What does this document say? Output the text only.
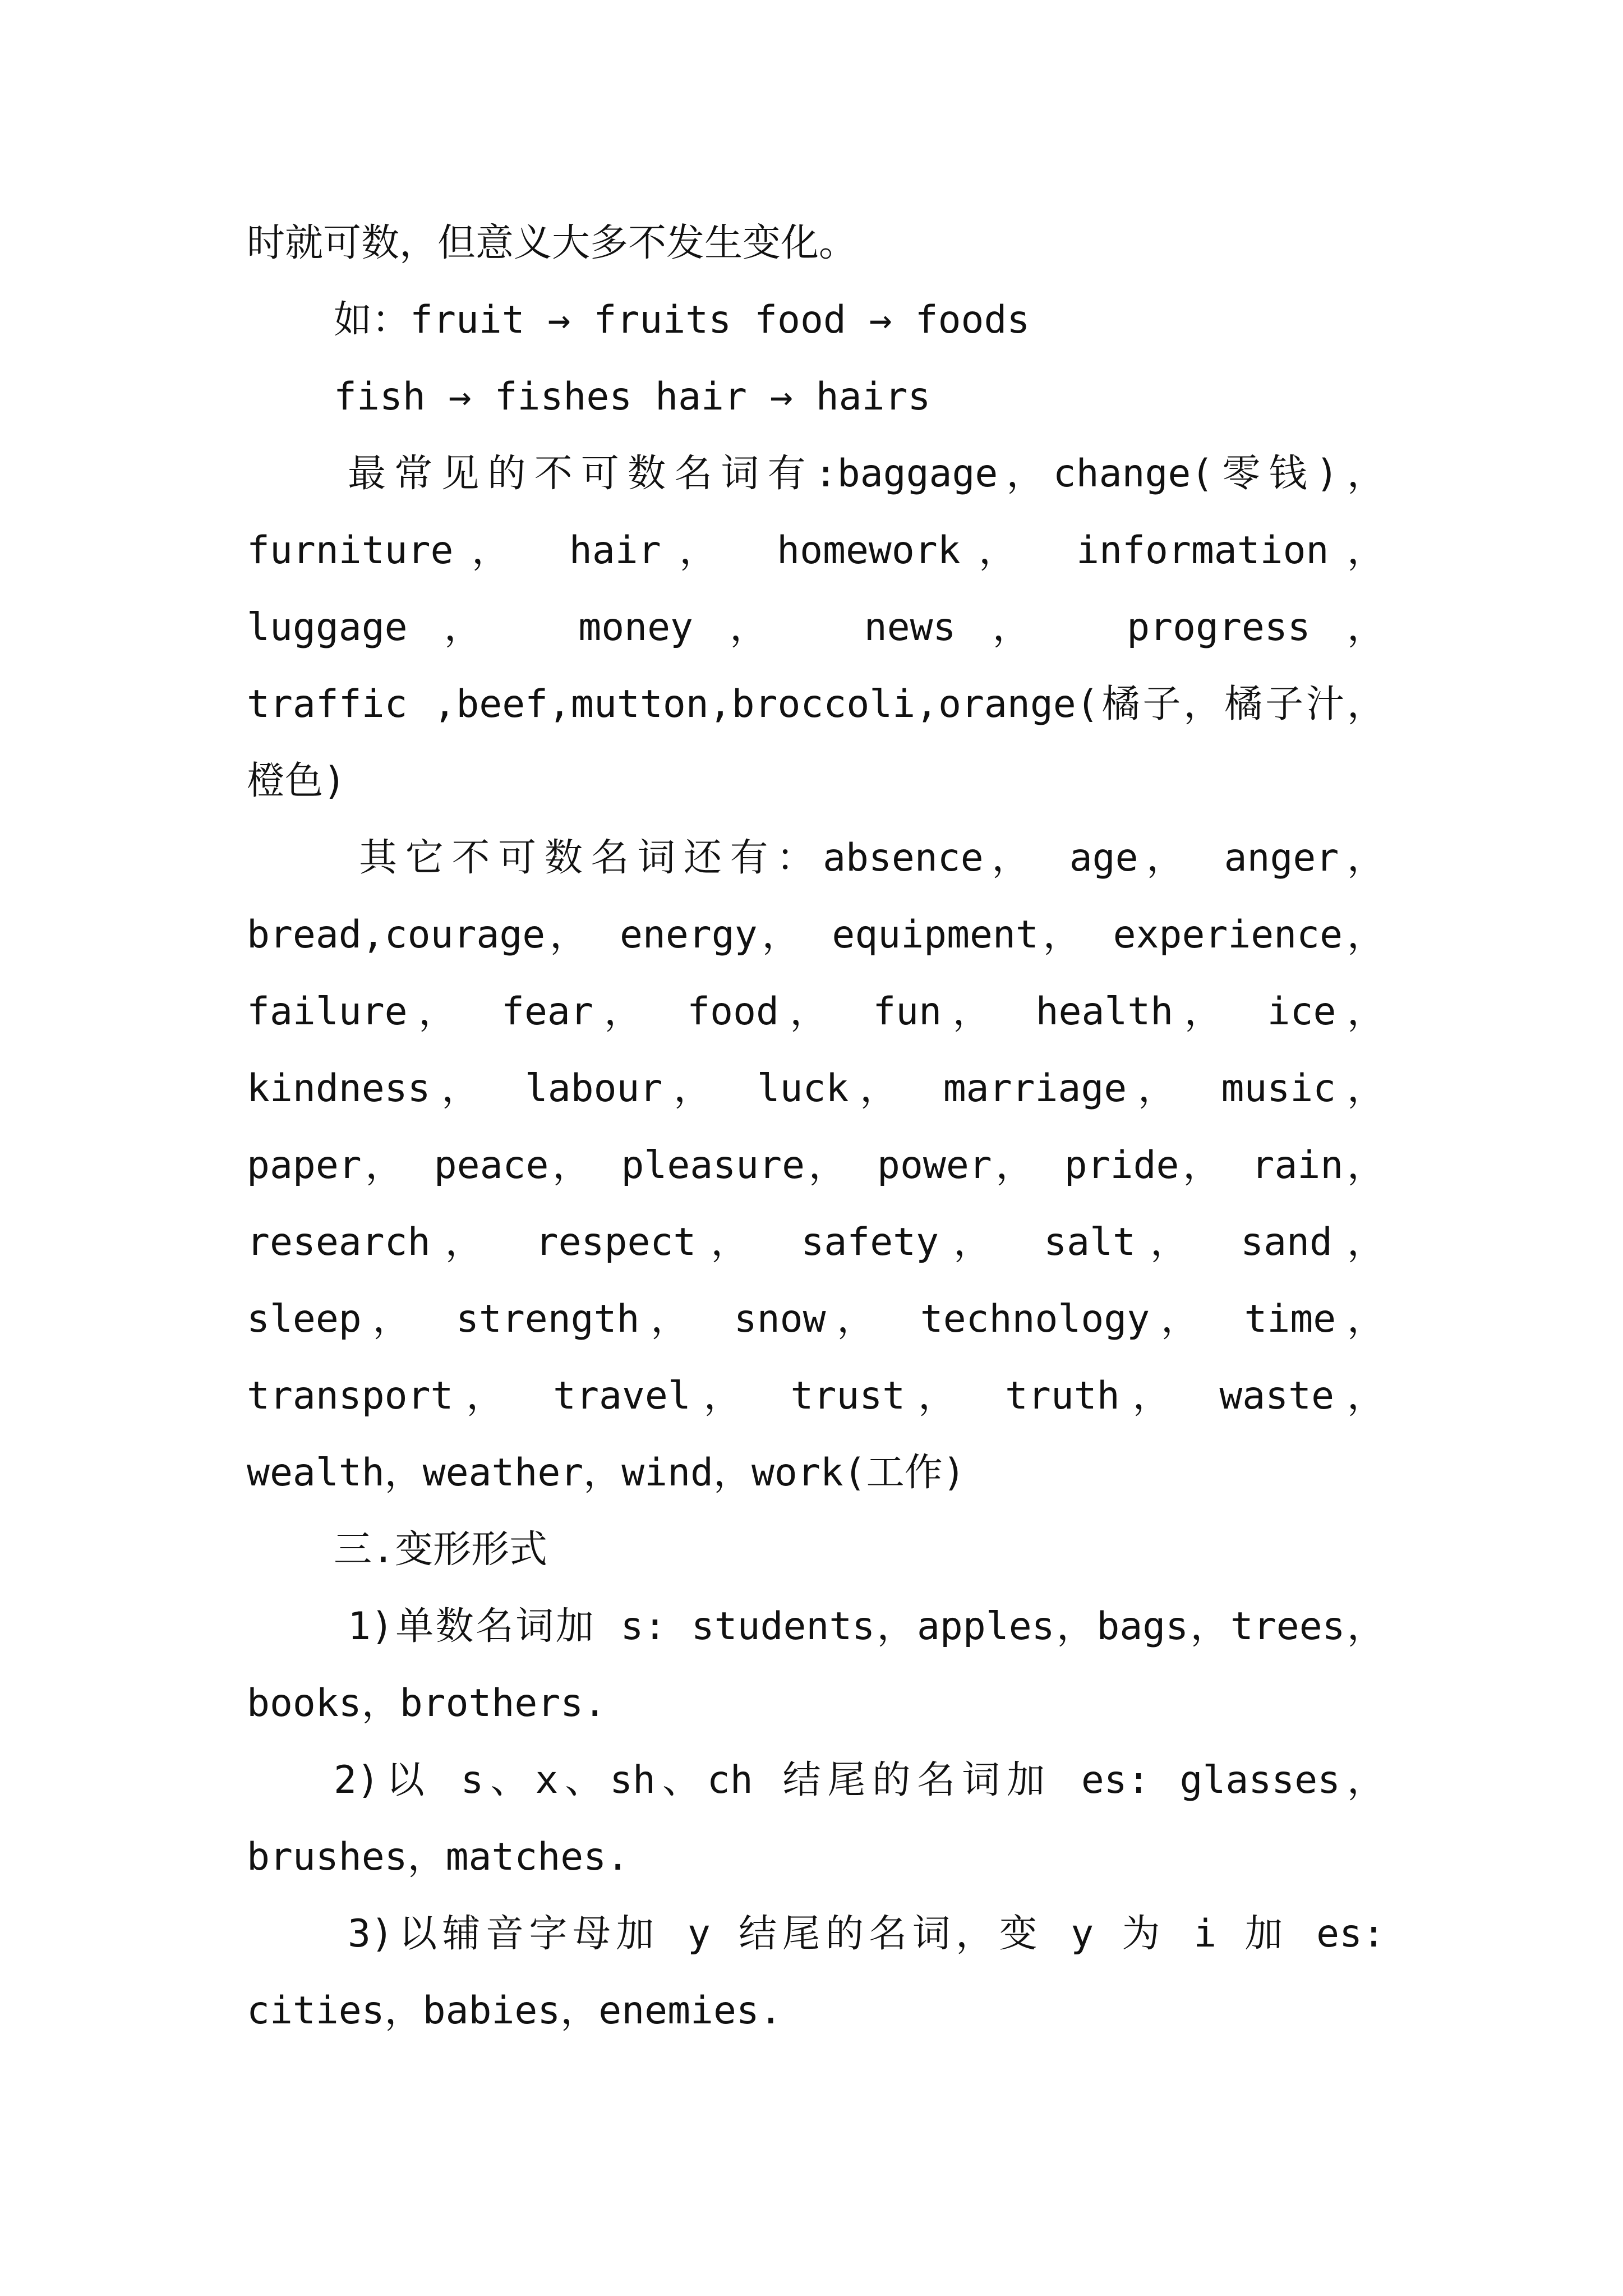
时就可数，但意义大多不发生变化。
如：fruit → fruits food → foods
fish → fishes hair → hairs
最常见的不可数名词有:baggage，change(零钱)，
furniture， hair， homework， information，
luggage， money， news， progress，
traffic ,beef,mutton,broccoli,orange(橘子，橘子汁，
橙色)
其它不可数名词还有：absence， age， anger，
bread,courage， energy， equipment， experience，
failure， fear， food， fun， health， ice，
kindness， labour， luck， marriage， music，
paper， peace， pleasure， power， pride， rain，
research， respect， safety， salt， sand，
sleep， strength， snow， technology， time，
transport， travel， trust， truth， waste，
wealth，weather，wind，work(工作)
三.变形形式
1)单数名词加 s: students，apples，bags，trees，
books，brothers.
2)以 s、x、sh、ch 结尾的名词加 es: glasses，
brushes，matches.
3)以辅音字母加 y 结尾的名词，变 y 为 i 加 es:
cities，babies，enemies.
